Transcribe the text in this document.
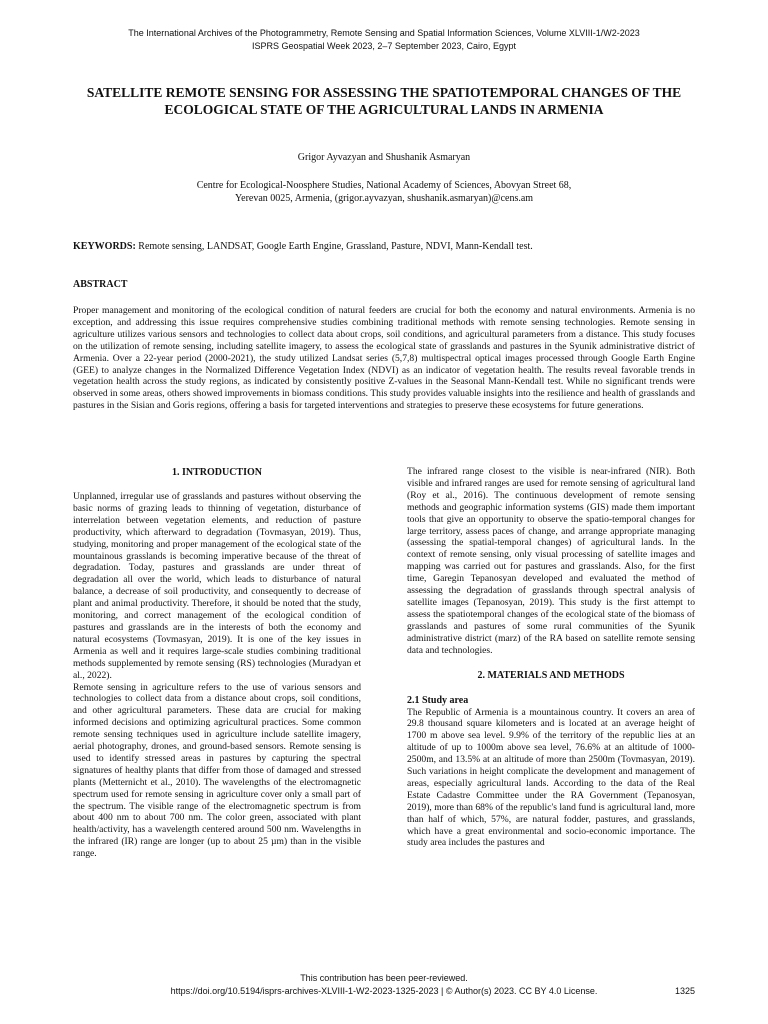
The International Archives of the Photogrammetry, Remote Sensing and Spatial Information Sciences, Volume XLVIII-1/W2-2023
ISPRS Geospatial Week 2023, 2–7 September 2023, Cairo, Egypt
SATELLITE REMOTE SENSING FOR ASSESSING THE SPATIOTEMPORAL CHANGES OF THE ECOLOGICAL STATE OF THE AGRICULTURAL LANDS IN ARMENIA
Grigor Ayvazyan and Shushanik Asmaryan
Centre for Ecological-Noosphere Studies, National Academy of Sciences, Abovyan Street 68,
Yerevan 0025, Armenia, (grigor.ayvazyan, shushanik.asmaryan)@cens.am
KEYWORDS: Remote sensing, LANDSAT, Google Earth Engine, Grassland, Pasture, NDVI, Mann-Kendall test.
ABSTRACT

Proper management and monitoring of the ecological condition of natural feeders are crucial for both the economy and natural environments. Armenia is no exception, and addressing this issue requires comprehensive studies combining traditional methods with remote sensing technologies. Remote sensing in agriculture utilizes various sensors and technologies to collect data about crops, soil conditions, and agricultural parameters from a distance. This study focuses on the utilization of remote sensing, including satellite imagery, to assess the ecological state of grasslands and pastures in the Syunik administrative district of Armenia. Over a 22-year period (2000-2021), the study utilized Landsat series (5,7,8) multispectral optical images processed through Google Earth Engine (GEE) to analyze changes in the Normalized Difference Vegetation Index (NDVI) as an indicator of vegetation health. The results reveal favorable trends in vegetation health across the study regions, as indicated by consistently positive Z-values in the Seasonal Mann-Kendall test. While no significant trends were observed in some areas, others showed improvements in biomass conditions. This study provides valuable insights into the resilience and health of grasslands and pastures in the Sisian and Goris regions, offering a basis for targeted interventions and strategies to preserve these ecosystems for future generations.

1. INTRODUCTION

Unplanned, irregular use of grasslands and pastures without observing the basic norms of grazing leads to thinning of vegetation, disturbance of interrelation between vegetation elements, and reduction of pasture productivity, which afterward to degradation (Tovmasyan, 2019). Thus, studying, monitoring and proper management of the ecological state of the mountainous grasslands is becoming imperative because of the threat of degradation. Today, pastures and grasslands are under threat of degradation all over the world, which leads to disturbance of natural balance, a decrease of soil productivity, and consequently to decrease of plant and animal productivity. Therefore, it should be noted that the study, monitoring, and correct management of the ecological condition of pastures and grasslands are in the interests of both the economy and natural ecosystems (Tovmasyan, 2019). It is one of the key issues in Armenia as well and it requires large-scale studies combining traditional methods supplemented by remote sensing (RS) technologies (Muradyan et al., 2022).

Remote sensing in agriculture refers to the use of various sensors and technologies to collect data from a distance about crops, soil conditions, and other agricultural parameters. These data are crucial for making informed decisions and optimizing agricultural practices. Some common remote sensing techniques used in agriculture include satellite imagery, aerial photography, drones, and ground-based sensors. Remote sensing is used to identify stressed areas in pastures by capturing the spectral signatures of healthy plants that differ from those of damaged and stressed plants (Metternicht et al., 2010). The wavelengths of the electromagnetic spectrum used for remote sensing in agriculture cover only a small part of the spectrum. The visible range of the electromagnetic spectrum is from about 400 nm to about 700 nm. The color green, associated with plant health/activity, has a wavelength centered around 500 nm. Wavelengths in the infrared (IR) range are longer (up to about 25 µm) than in the visible range.

The infrared range closest to the visible is near-infrared (NIR). Both visible and infrared ranges are used for remote sensing of agricultural land (Roy et al., 2016). The continuous development of remote sensing methods and geographic information systems (GIS) made them important tools that give an opportunity to observe the spatio-temporal changes for large territory, assess paces of change, and arrange appropriate managing (assessing the spatial-temporal changes) of agricultural lands. In the context of remote sensing, only visual processing of satellite images and mapping was carried out for pastures and grasslands. Also, for the first time, Garegin Tepanosyan developed and evaluated the method of assessing the degradation of grasslands through spectral analysis of satellite images (Tepanosyan, 2019). This study is the first attempt to assess the spatiotemporal changes of the ecological state of the biomass of grasslands and pastures of some rural communities of the Syunik administrative district (marz) of the RA based on satellite remote sensing data and technologies.

2. MATERIALS AND METHODS

2.1 Study area

The Republic of Armenia is a mountainous country. It covers an area of 29.8 thousand square kilometers and is located at an average height of 1700 m above sea level. 9.9% of the territory of the republic lies at an altitude of up to 1000m above sea level, 76.6% at an altitude of 1000-2500m, and 13.5% at an altitude of more than 2500m (Tovmasyan, 2019). Such variations in height complicate the development and management of areas, especially agricultural lands. According to the data of the Real Estate Cadastre Committee under the RA Government (Tepanosyan, 2019), more than 68% of the republic's land fund is agricultural land, more than half of which, 57%, are natural fodder, pastures, and grasslands, which have a great environmental and socio-economic importance. The study area includes the pastures and

This contribution has been peer-reviewed.
https://doi.org/10.5194/isprs-archives-XLVIII-1-W2-2023-1325-2023 | © Author(s) 2023. CC BY 4.0 License.	1325
